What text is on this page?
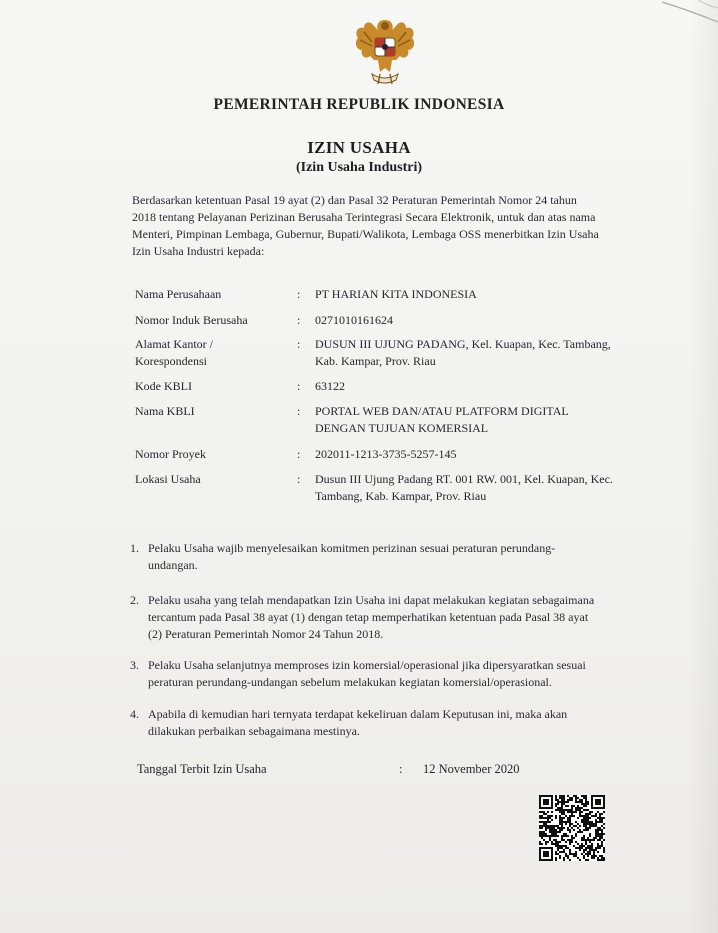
PEMERINTAH REPUBLIK INDONESIA
IZIN USAHA
(Izin Usaha Industri)
Berdasarkan ketentuan Pasal 19 ayat (2) dan Pasal 32 Peraturan Pemerintah Nomor 24 tahun
2018 tentang Pelayanan Perizinan Berusaha Terintegrasi Secara Elektronik, untuk dan atas nama
Menteri, Pimpinan Lembaga, Gubernur, Bupati/Walikota, Lembaga OSS menerbitkan Izin Usaha
Izin Usaha Industri kepada:
Nama Perusahaan	: PT HARIAN KITA INDONESIA
Nomor Induk Berusaha	: 0271010161624
Alamat Kantor /
Korespondensi
: DUSUN III UJUNG PADANG, Kel. Kuapan, Kec. Tambang,
Kab. Kampar, Prov. Riau
Kode KBLI	: 63122
Nama KBLI	: PORTAL WEB DAN/ATAU PLATFORM DIGITAL
DENGAN TUJUAN KOMERSIAL
Nomor Proyek	: 202011-1213-3735-5257-145
Lokasi Usaha	: Dusun III Ujung Padang RT. 001 RW. 001, Kel. Kuapan, Kec.
Tambang, Kab. Kampar, Prov. Riau
1. Pelaku Usaha wajib menyelesaikan komitmen perizinan sesuai peraturan perundang-
undangan.
2. Pelaku usaha yang telah mendapatkan Izin Usaha ini dapat melakukan kegiatan sebagaimana
tercantum pada Pasal 38 ayat (1) dengan tetap memperhatikan ketentuan pada Pasal 38 ayat
(2) Peraturan Pemerintah Nomor 24 Tahun 2018.
3. Pelaku Usaha selanjutnya memproses izin komersial/operasional jika dipersyaratkan sesuai
peraturan perundang-undangan sebelum melakukan kegiatan komersial/operasional.
4. Apabila di kemudian hari ternyata terdapat kekeliruan dalam Keputusan ini, maka akan
dilakukan perbaikan sebagaimana mestinya.
Tanggal Terbit Izin Usaha	: 12 November 2020
